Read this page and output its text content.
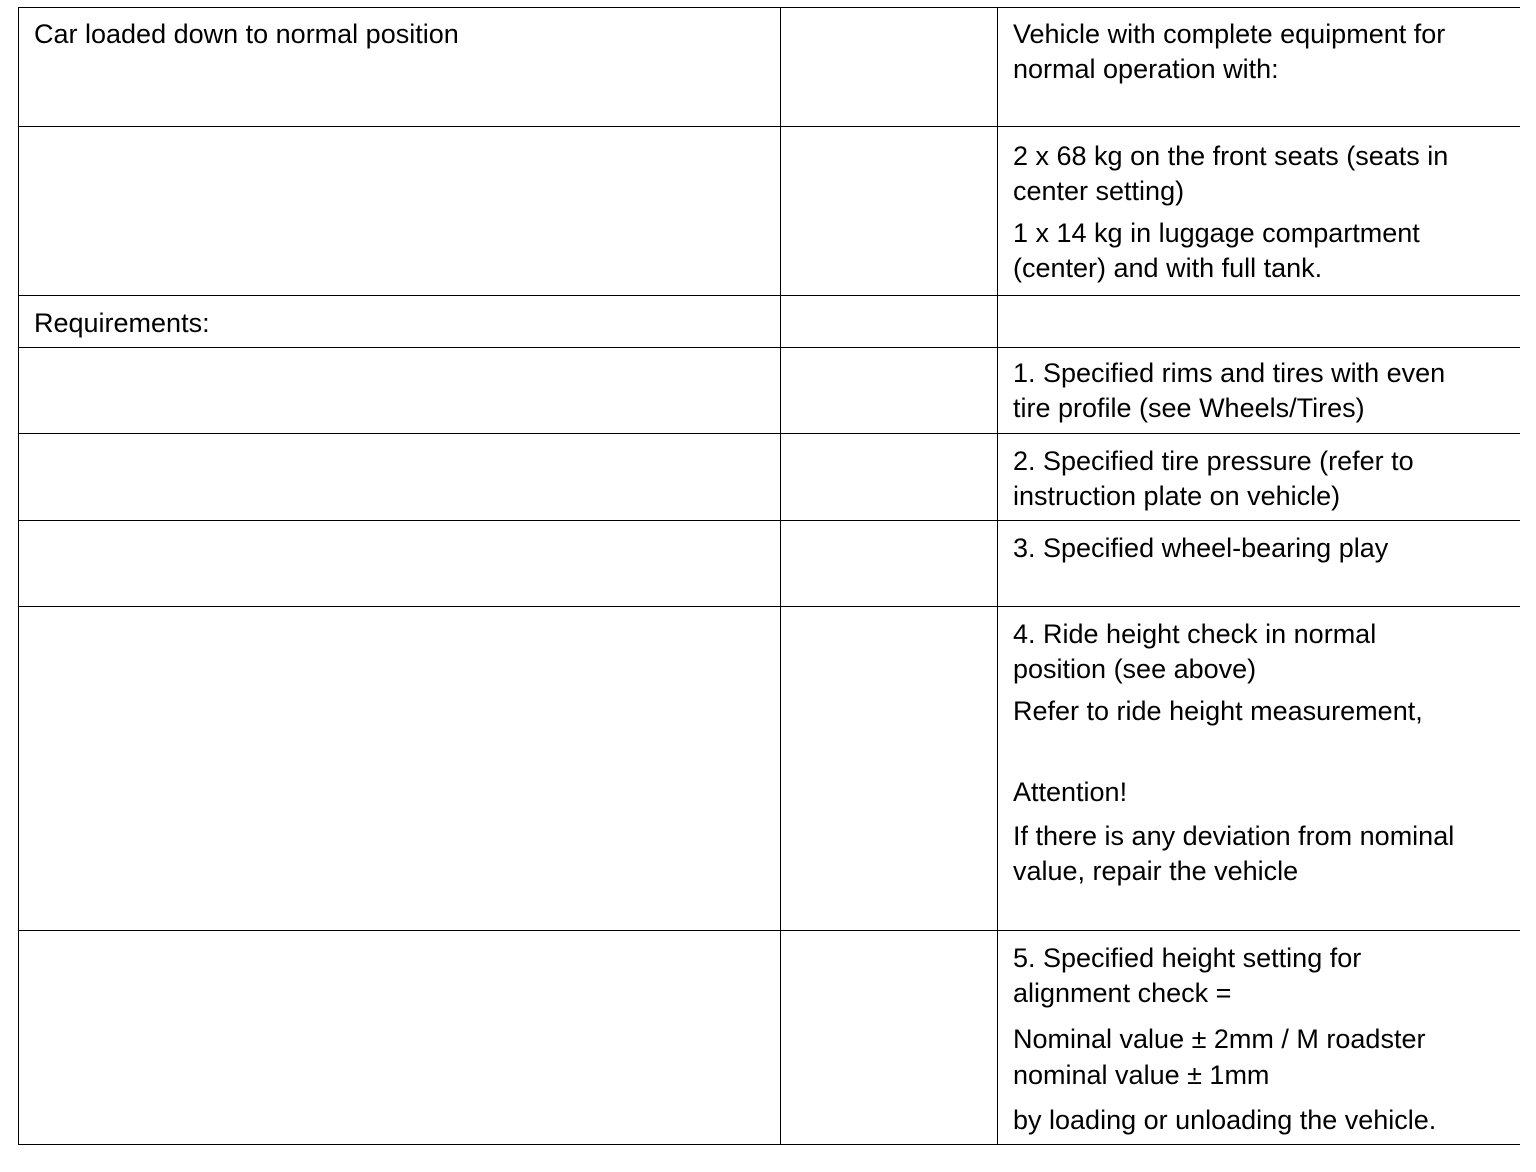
Car loaded down to normal position	Vehicle with complete equipment for
normal operation with:
2 x 68 kg on the front seats (seats in
center setting)
1 x 14 kg in luggage compartment
(center) and with full tank.
Requirements:
1. Specified rims and tires with even
tire profile (see Wheels/Tires)
2. Specified tire pressure (refer to
instruction plate on vehicle)
3. Specified wheel-bearing play
4. Ride height check in normal
position (see above)
Refer to ride height measurement,
Attention!
If there is any deviation from nominal
value, repair the vehicle
5. Specified height setting for
alignment check =
Nominal value ± 2mm / M roadster
nominal value ± 1mm
by loading or unloading the vehicle.
